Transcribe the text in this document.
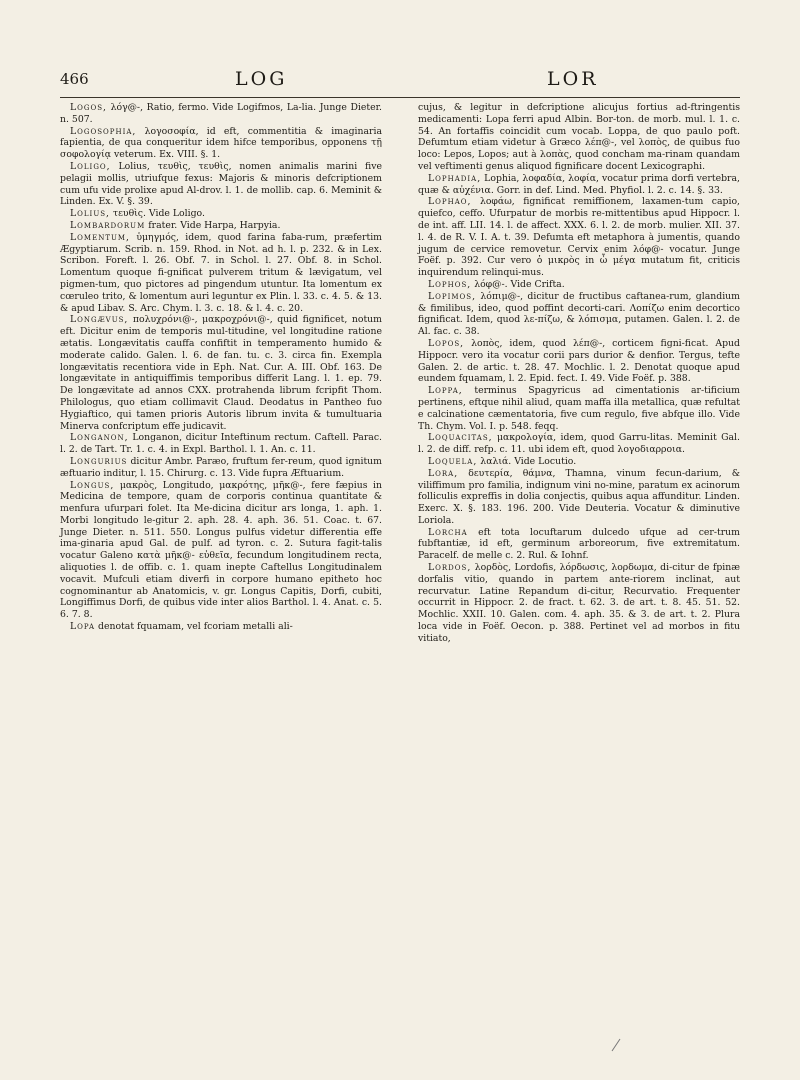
466	LOG	LOR

Logos, λόγ@-, Ratio, fermo. Vide Logifmos, La-lia. Junge Dieter. n. 507.

Logosophia, λογοσοφία, id eft, commentitia & imaginaria fapientia, de qua conqueritur idem hifce temporibus, opponens τῇ σοφολογίᾳ veterum. Ex. VIII. §. 1.

Loligo, Lolius, τευθὶς, τευθὶς, nomen animalis marini five pelagii mollis, utriufque fexus: Majoris & minoris defcriptionem cum ufu vide prolixe apud Al-drov. l. 1. de mollib. cap. 6. Meminit & Linden. Ex. V. §. 39.

Lolius, τευθὶς. Vide Loligo.

Lombardorum frater. Vide Harpa, Harpyia.

Lomentum, ὑμηγμός, idem, quod farina faba-rum, præfertim Ægyptiarum. Scrib. n. 159. Rhod. in Not. ad h. l. p. 232. & in Lex. Scribon. Foreft. l. 26. Obf. 7. in Schol. l. 27. Obf. 8. in Schol. Lomentum quoque fi-gnificat pulverem tritum & lævigatum, vel pigmen-tum, quo pictores ad pingendum utuntur. Ita lomentum ex cœruleo trito, & lomentum auri leguntur ex Plin. l. 33. c. 4. 5. & 13. & apud Libav. S. Arc. Chym. l. 3. c. 18. & l. 4. c. 20.

Longævus, πολυχρόνι@-, μακροχρόνι@-, quid fignificet, notum eft. Dicitur enim de temporis mul-titudine, vel longitudine ratione ætatis. Longævitatis cauffa confiftit in temperamento humido & moderate calido. Galen. l. 6. de fan. tu. c. 3. circa fin. Exempla longævitatis recentiora vide in Eph. Nat. Cur. A. III. Obf. 163. De longævitate in antiquiffimis temporibus differit Lang. l. 1. ep. 79. De longævitate ad annos CXX. protrahenda librum fcripfit Thom. Philologus, quo etiam collimavit Claud. Deodatus in Pantheo fuo Hygiaftico, qui tamen prioris Autoris librum invita & tumultuaria Minerva confcriptum effe judicavit.

Longanon, Longanon, dicitur Inteftinum rectum. Caftell. Parac. l. 2. de Tart. Tr. 1. c. 4. in Expl. Barthol. l. 1. An. c. 11.

Longurius dicitur Ambr. Paræo, fruftum fer-reum, quod ignitum æftuario inditur, l. 15. Chirurg. c. 13. Vide fupra Æftuarium.

Longus, μακρὸς, Longitudo, μακρότης, μῆκ@-, fere fæpius in Medicina de tempore, quam de corporis continua quantitate & menfura ufurpari folet. Ita Me-dicina dicitur ars longa, 1. aph. 1. Morbi longitudo le-gitur 2. aph. 28. 4. aph. 36. 51. Coac. t. 67. Junge Dieter. n. 511. 550. Longus pulfus videtur differentia effe ima-ginaria apud Gal. de pulf. ad tyron. c. 2. Sutura fagit-talis vocatur Galeno κατὰ μῆκ@- εὐθεῖα, fecundum longitudinem recta, aliquoties l. de offib. c. 1. quam inepte Caftellus Longitudinalem vocavit. Mufculi etiam diverfi in corpore humano epitheto hoc cognominantur ab Anatomicis, v. gr. Longus Capitis, Dorfi, cubiti, Longiffimus Dorfi, de quibus vide inter alios Barthol. l. 4. Anat. c. 5. 6. 7. 8.

Lopa denotat fquamam, vel fcoriam metalli ali-

cujus, & legitur in defcriptione alicujus fortius ad-ftringentis medicamenti: Lopa ferri apud Albin. Bor-ton. de morb. mul. l. 1. c. 54. An fortaffis coincidit cum vocab. Loppa, de quo paulo poft. Defumtum etiam videtur à Græco λέπ@-, vel λοπὸς, de quibus fuo loco: Lepos, Lopos; aut à λοπὰς, quod concham ma-rinam quandam vel veftimenti genus aliquod fignificare docent Lexicographi.

Lophadia, Lophia, λοφαδία, λοφία, vocatur prima dorfi vertebra, quæ & αὐχένια. Gorr. in def. Lind. Med. Phyfiol. l. 2. c. 14. §. 33.

Lophao, λοφάω, fignificat remiffionem, laxamen-tum capio, quiefco, ceffo. Ufurpatur de morbis re-mittentibus apud Hippocr. l. de int. aff. LII. 14. l. de affect. XXX. 6. l. 2. de morb. mulier. XII. 37. l. 4. de R. V. I. A. t. 39. Defumta eft metaphora à jumentis, quando jugum de cervice removetur. Cervix enim λόφ@- vocatur. Junge Foëf. p. 392. Cur vero ὁ μικρὸς in ὦ μέγα mutatum fit, criticis inquirendum relinqui-mus.

Lophos, λόφ@-. Vide Crifta.

Lopimos, λόπιμ@-, dicitur de fructibus caftanea-rum, glandium & fimilibus, ideo, quod poffint decorti-cari. Λοπίζω enim decortico fignificat. Idem, quod λε-πίζω, & λόπισμα, putamen. Galen. l. 2. de Al. fac. c. 38.

Lopos, λοπὸς, idem, quod λέπ@-, corticem figni-ficat. Apud Hippocr. vero ita vocatur corii pars durior & denfior. Tergus, tefte Galen. 2. de artic. t. 28. 47. Mochlic. l. 2. Denotat quoque apud eundem fquamam, l. 2. Epid. fect. I. 49. Vide Foëf. p. 388.

Loppa, terminus Spagyricus ad cimentationis ar-tificium pertinens, eftque nihil aliud, quam maffa illa metallica, quæ refultat e calcinatione cæmentatoria, five cum regulo, five abfque illo. Vide Th. Chym. Vol. I. p. 548. feqq.

Loquacitas, μακρολογία, idem, quod Garru-litas. Meminit Gal. l. 2. de diff. refp. c. 11. ubi idem eft, quod λογοδιαρροια.

Loquela, λαλιά. Vide Locutio.

Lora, δευτερία, θάμνα, Thamna, vinum fecun-darium, & viliffimum pro familia, indignum vini no-mine, paratum ex acinorum folliculis expreffis in dolia conjectis, quibus aqua affunditur. Linden. Exerc. X. §. 183. 196. 200. Vide Deuteria. Vocatur & diminutive Loriola.

Lorcha eft tota locuftarum dulcedo ufque ad cer-trum fubftantiæ, id eft, germinum arboreorum, five extremitatum. Paracelf. de melle c. 2. Rul. & Iohnf.

Lordos, λορδὸς, Lordofis, λόρδωσις, λορδωμα, di-citur de fpinæ dorfalis vitio, quando in partem ante-riorem inclinat, aut recurvatur. Latine Repandum di-citur, Recurvatio. Frequenter occurrit in Hippocr. 2. de fract. t. 62. 3. de art. t. 8. 45. 51. 52. Mochlic. XXII. 10. Galen. com. 4. aph. 35. & 3. de art. t. 2. Plura loca vide in Foëf. Oecon. p. 388. Pertinet vel ad morbos in fitu vitiato,
